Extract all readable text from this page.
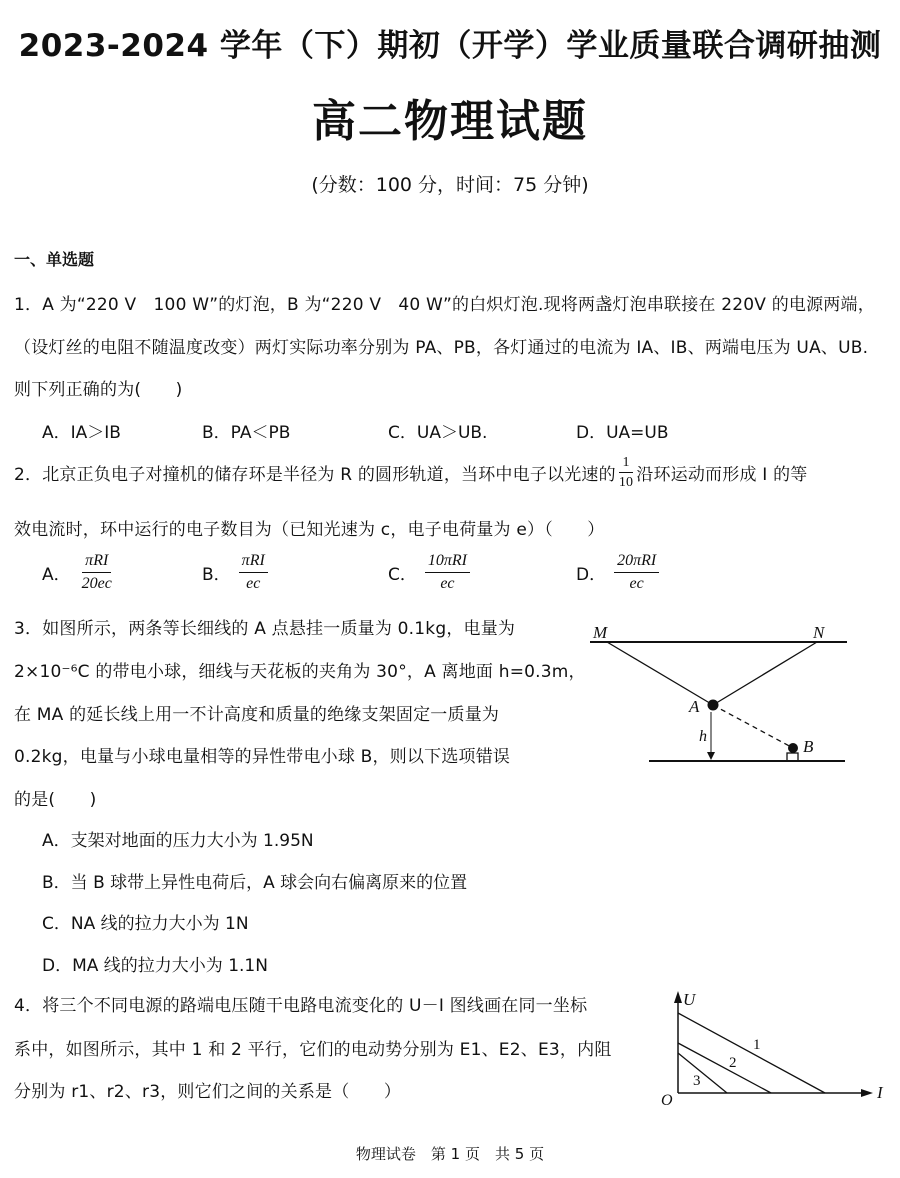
2023-2024 学年（下）期初（开学）学业质量联合调研抽测
高二物理试题
(分数：100 分，时间：75 分钟)
一、单选题
1．A 为“220 V　100 W”的灯泡，B 为“220 V　40 W”的白炽灯泡.现将两盏灯泡串联接在 220V 的电源两端，
（设灯丝的电阻不随温度改变）两灯实际功率分别为 PA、PB，各灯通过的电流为 IA、IB、两端电压为 UA、UB.
则下列正确的为(　　)
A．IA＞IB	B．PA＜PB	C．UA＞UB.	D．UA=UB
2．北京正负电子对撞机的储存环是半径为 R 的圆形轨道，当环中电子以光速的 $\frac{1}{10}$ 沿环运动而形成 I 的等
效电流时，环中运行的电子数目为（已知光速为 c，电子电荷量为 e）（　　）
A． $\frac{\text{πRI}}{20ec}$	B． $\frac{\text{πRI}}{ec}$	C． $\frac{\text{10πRI}}{ec}$	D． $\frac{\text{20πRI}}{ec}$
3．如图所示，两条等长细线的 A 点悬挂一质量为 0.1kg，电量为
2×10⁻⁶C 的带电小球，细线与天花板的夹角为 30°，A 离地面 h=0.3m，
在 MA 的延长线上用一不计高度和质量的绝缘支架固定一质量为
0.2kg，电量与小球电量相等的异性带电小球 B，则以下选项错误
的是(　　)
A．支架对地面的压力大小为 1.95N
B．当 B 球带上异性电荷后，A 球会向右偏离原来的位置
C．NA 线的拉力大小为 1N
D．MA 线的拉力大小为 1.1N
M	N
A
B
h
4．将三个不同电源的路端电压随干电路电流变化的 U－I 图线画在同一坐标
系中，如图所示，其中 1 和 2 平行，它们的电动势分别为 E1、E2、E3，内阻
分别为 r1、r2、r3，则它们之间的关系是（　　）
U
I
O
1
2
3
物理试卷　第 1 页　共 5 页
